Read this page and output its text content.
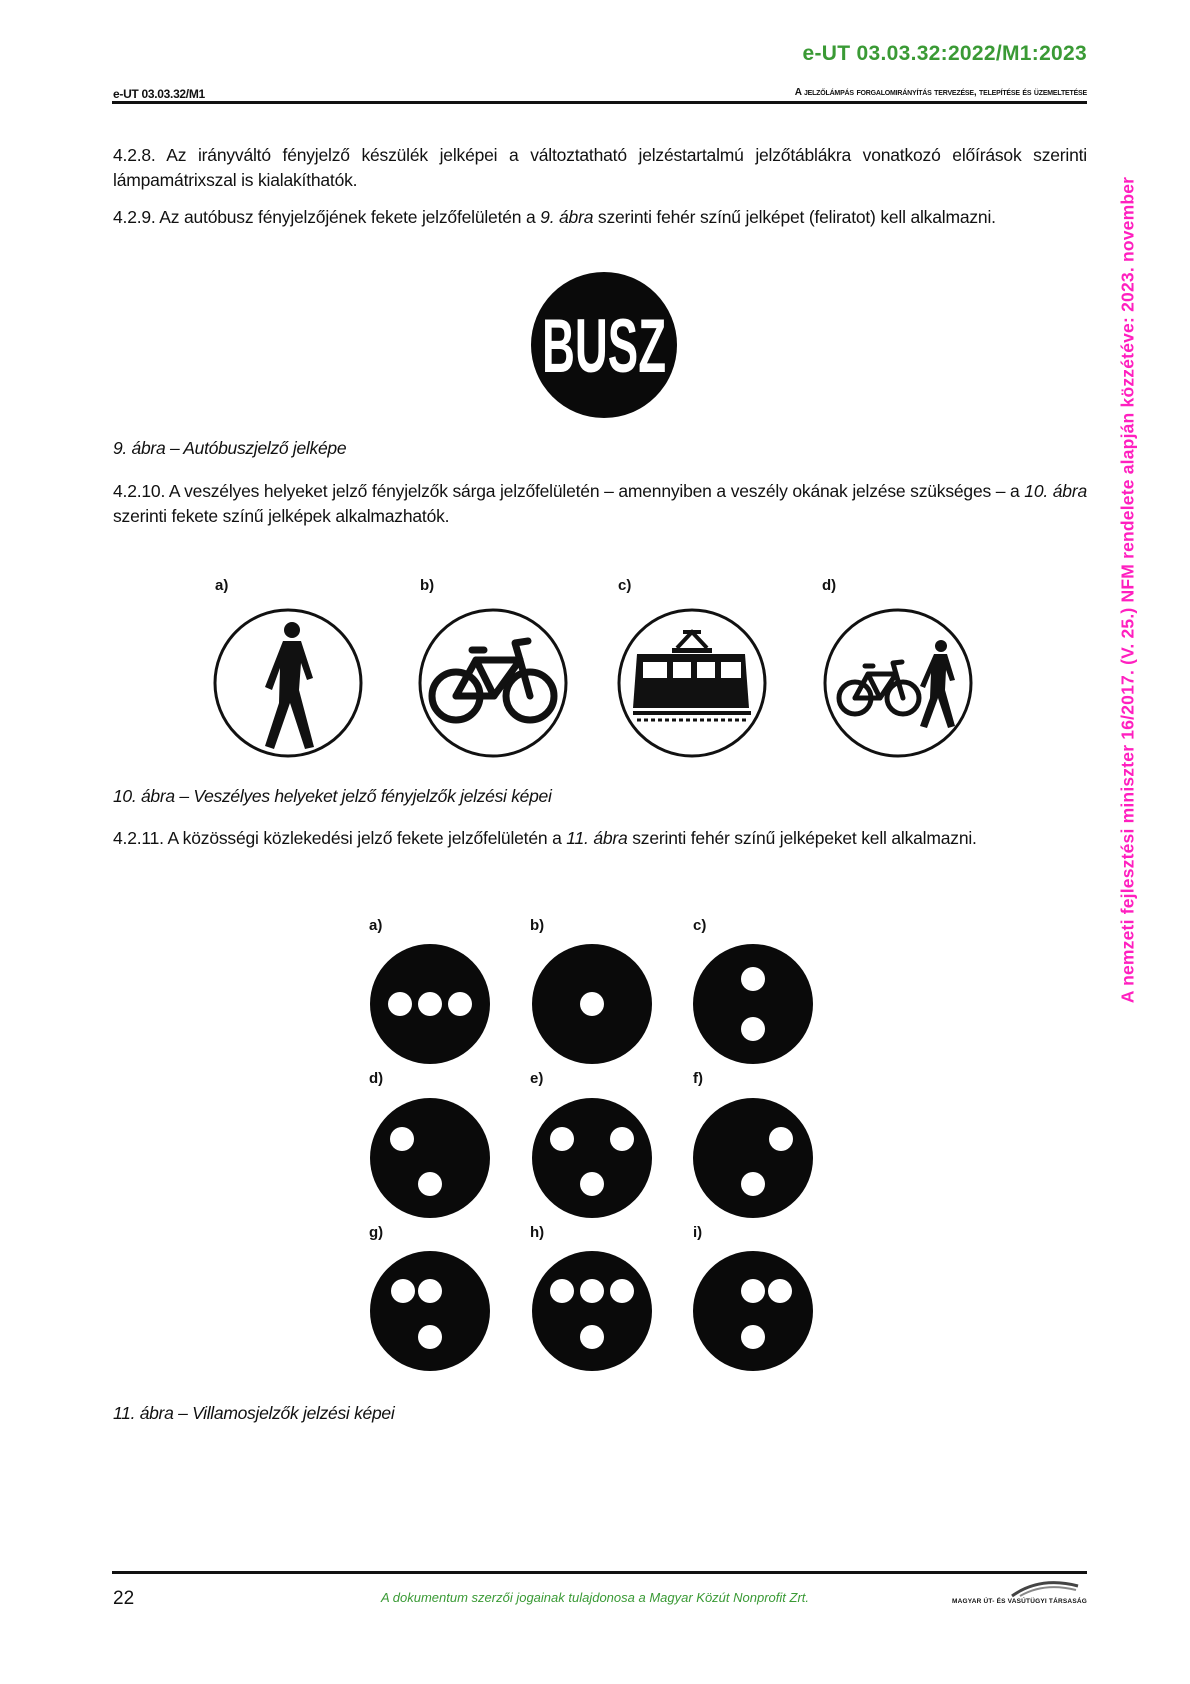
e-UT 03.03.32:2022/M1:2023
e-UT 03.03.32/M1	A jelzőlámpás forgalomirányítás tervezése, telepítése és üzemeltetése
A nemzeti fejlesztési miniszter 16/2017. (V. 25.) NFM rendelete alapján közzétéve: 2023. november
4.2.8. Az irányváltó fényjelző készülék jelképei a változtatható jelzéstartalmú jelzőtáblákra vonatkozó előírások szerinti lámpamátrixszal is kialakíthatók.
4.2.9. Az autóbusz fényjelzőjének fekete jelzőfelületén a 9. ábra szerinti fehér színű jelképet (feliratot) kell alkalmazni.
BUSZ
9. ábra – Autóbuszjelző jelképe
4.2.10. A veszélyes helyeket jelző fényjelzők sárga jelzőfelületén – amennyiben a veszély okának jelzése szükséges – a 10. ábra szerinti fekete színű jelképek alkalmazhatók.
a)	b)	c)	d)
10. ábra – Veszélyes helyeket jelző fényjelzők jelzési képei
4.2.11. A közösségi közlekedési jelző fekete jelzőfelületén a 11. ábra szerinti fehér színű jelképeket kell alkalmazni.
a)	b)	c)
d)	e)	f)
g)	h)	i)
11. ábra – Villamosjelzők jelzési képei
22	A dokumentum szerzői jogainak tulajdonosa a Magyar Közút Nonprofit Zrt.	MAGYAR ÚT- ÉS VASÚTÜGYI TÁRSASÁG
